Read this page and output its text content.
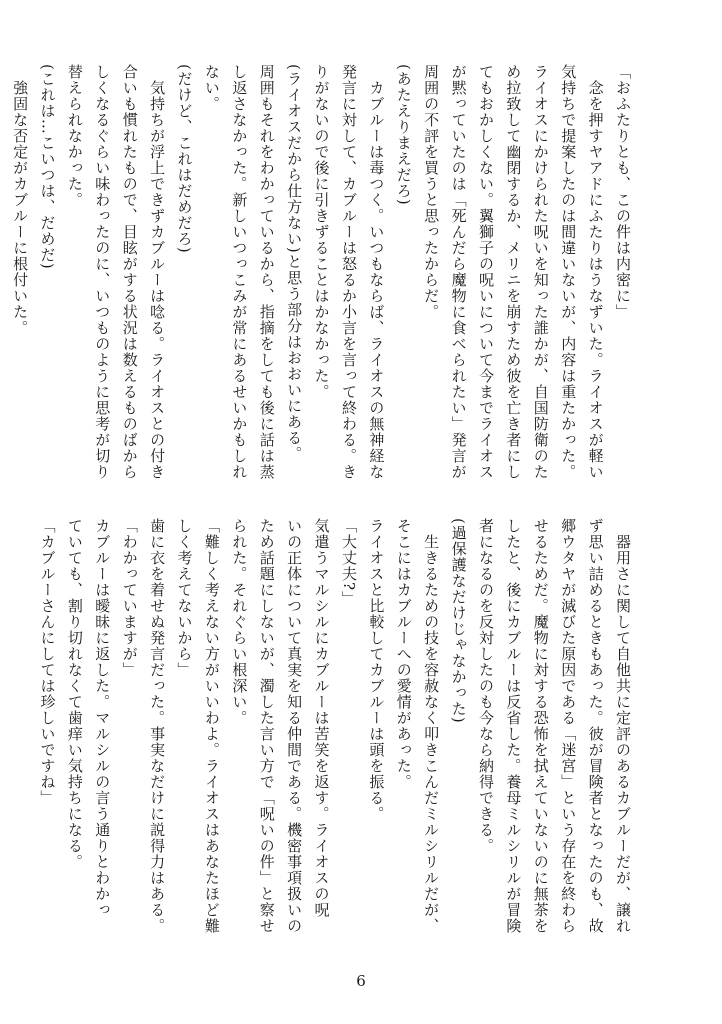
「おふたりとも、この件は内密に」
　念を押すヤアドにふたりはうなずいた。ライオスが軽い
気持ちで提案したのは間違いないが、内容は重たかった。
ライオスにかけられた呪いを知った誰かが、自国防衛のた
め拉致して幽閉するか、メリニを崩すため彼を亡き者にし
てもおかしくない。翼獅子の呪いについて今までライオス
が黙っていたのは「死んだら魔物に食べられたい」発言が
周囲の不評を買うと思ったからだ。
(あたえりまえだろ)
　カブルーは毒つく。いつもならば、ライオスの無神経な
発言に対して、カブルーは怒るか小言を言って終わる。き
りがないので後に引きずることはかなかった。
(ライオスだから仕方ない)と思う部分はおおいにある。
周囲もそれをわかっているから、指摘をしても後に話は蒸
し返さなかった。新しいつっこみが常にあるせいかもしれ
ない。
(だけど、これはだめだろ)
　気持ちが浮上できずカブルーは唸る。ライオスとの付き
合いも慣れたもので、目眩がする状況は数えるものばから
しくなるぐらい味わったのに、いつものように思考が切り
替えられなかった。
(これは…こいつは、だめだ)
　強固な否定がカブルーに根付いた。
　器用さに関して自他共に定評のあるカブルーだが、譲れ
ず思い詰めるときもあった。彼が冒険者となったのも、故
郷ウタヤが滅びた原因である「迷宮」という存在を終わら
せるためだ。魔物に対する恐怖を拭えていないのに無茶を
したと、後にカブルーは反省した。養母ミルシリルが冒険
者になるのを反対したのも今なら納得できる。
(過保護なだけじゃなかった)
　生きるための技を容赦なく叩きこんだミルシリルだが、
そこにはカブルーへの愛情があった。
ライオスと比較してカブルーは頭を振る。
「大丈夫?」
気遣うマルシルにカブルーは苦笑を返す。ライオスの呪
いの正体について真実を知る仲間である。機密事項扱いの
ため話題にしないが、濁した言い方で「呪いの件」と察せ
られた。それぐらい根深い。
「難しく考えない方がいいわよ。ライオスはあなたほど難
しく考えてないから」
歯に衣を着せぬ発言だった。事実なだけに説得力はある。
「わかっていますが」
カブルーは曖昧に返した。マルシルの言う通りとわかっ
ていても、割り切れなくて歯痒い気持ちになる。
「カブルーさんにしては珍しいですね」
6
